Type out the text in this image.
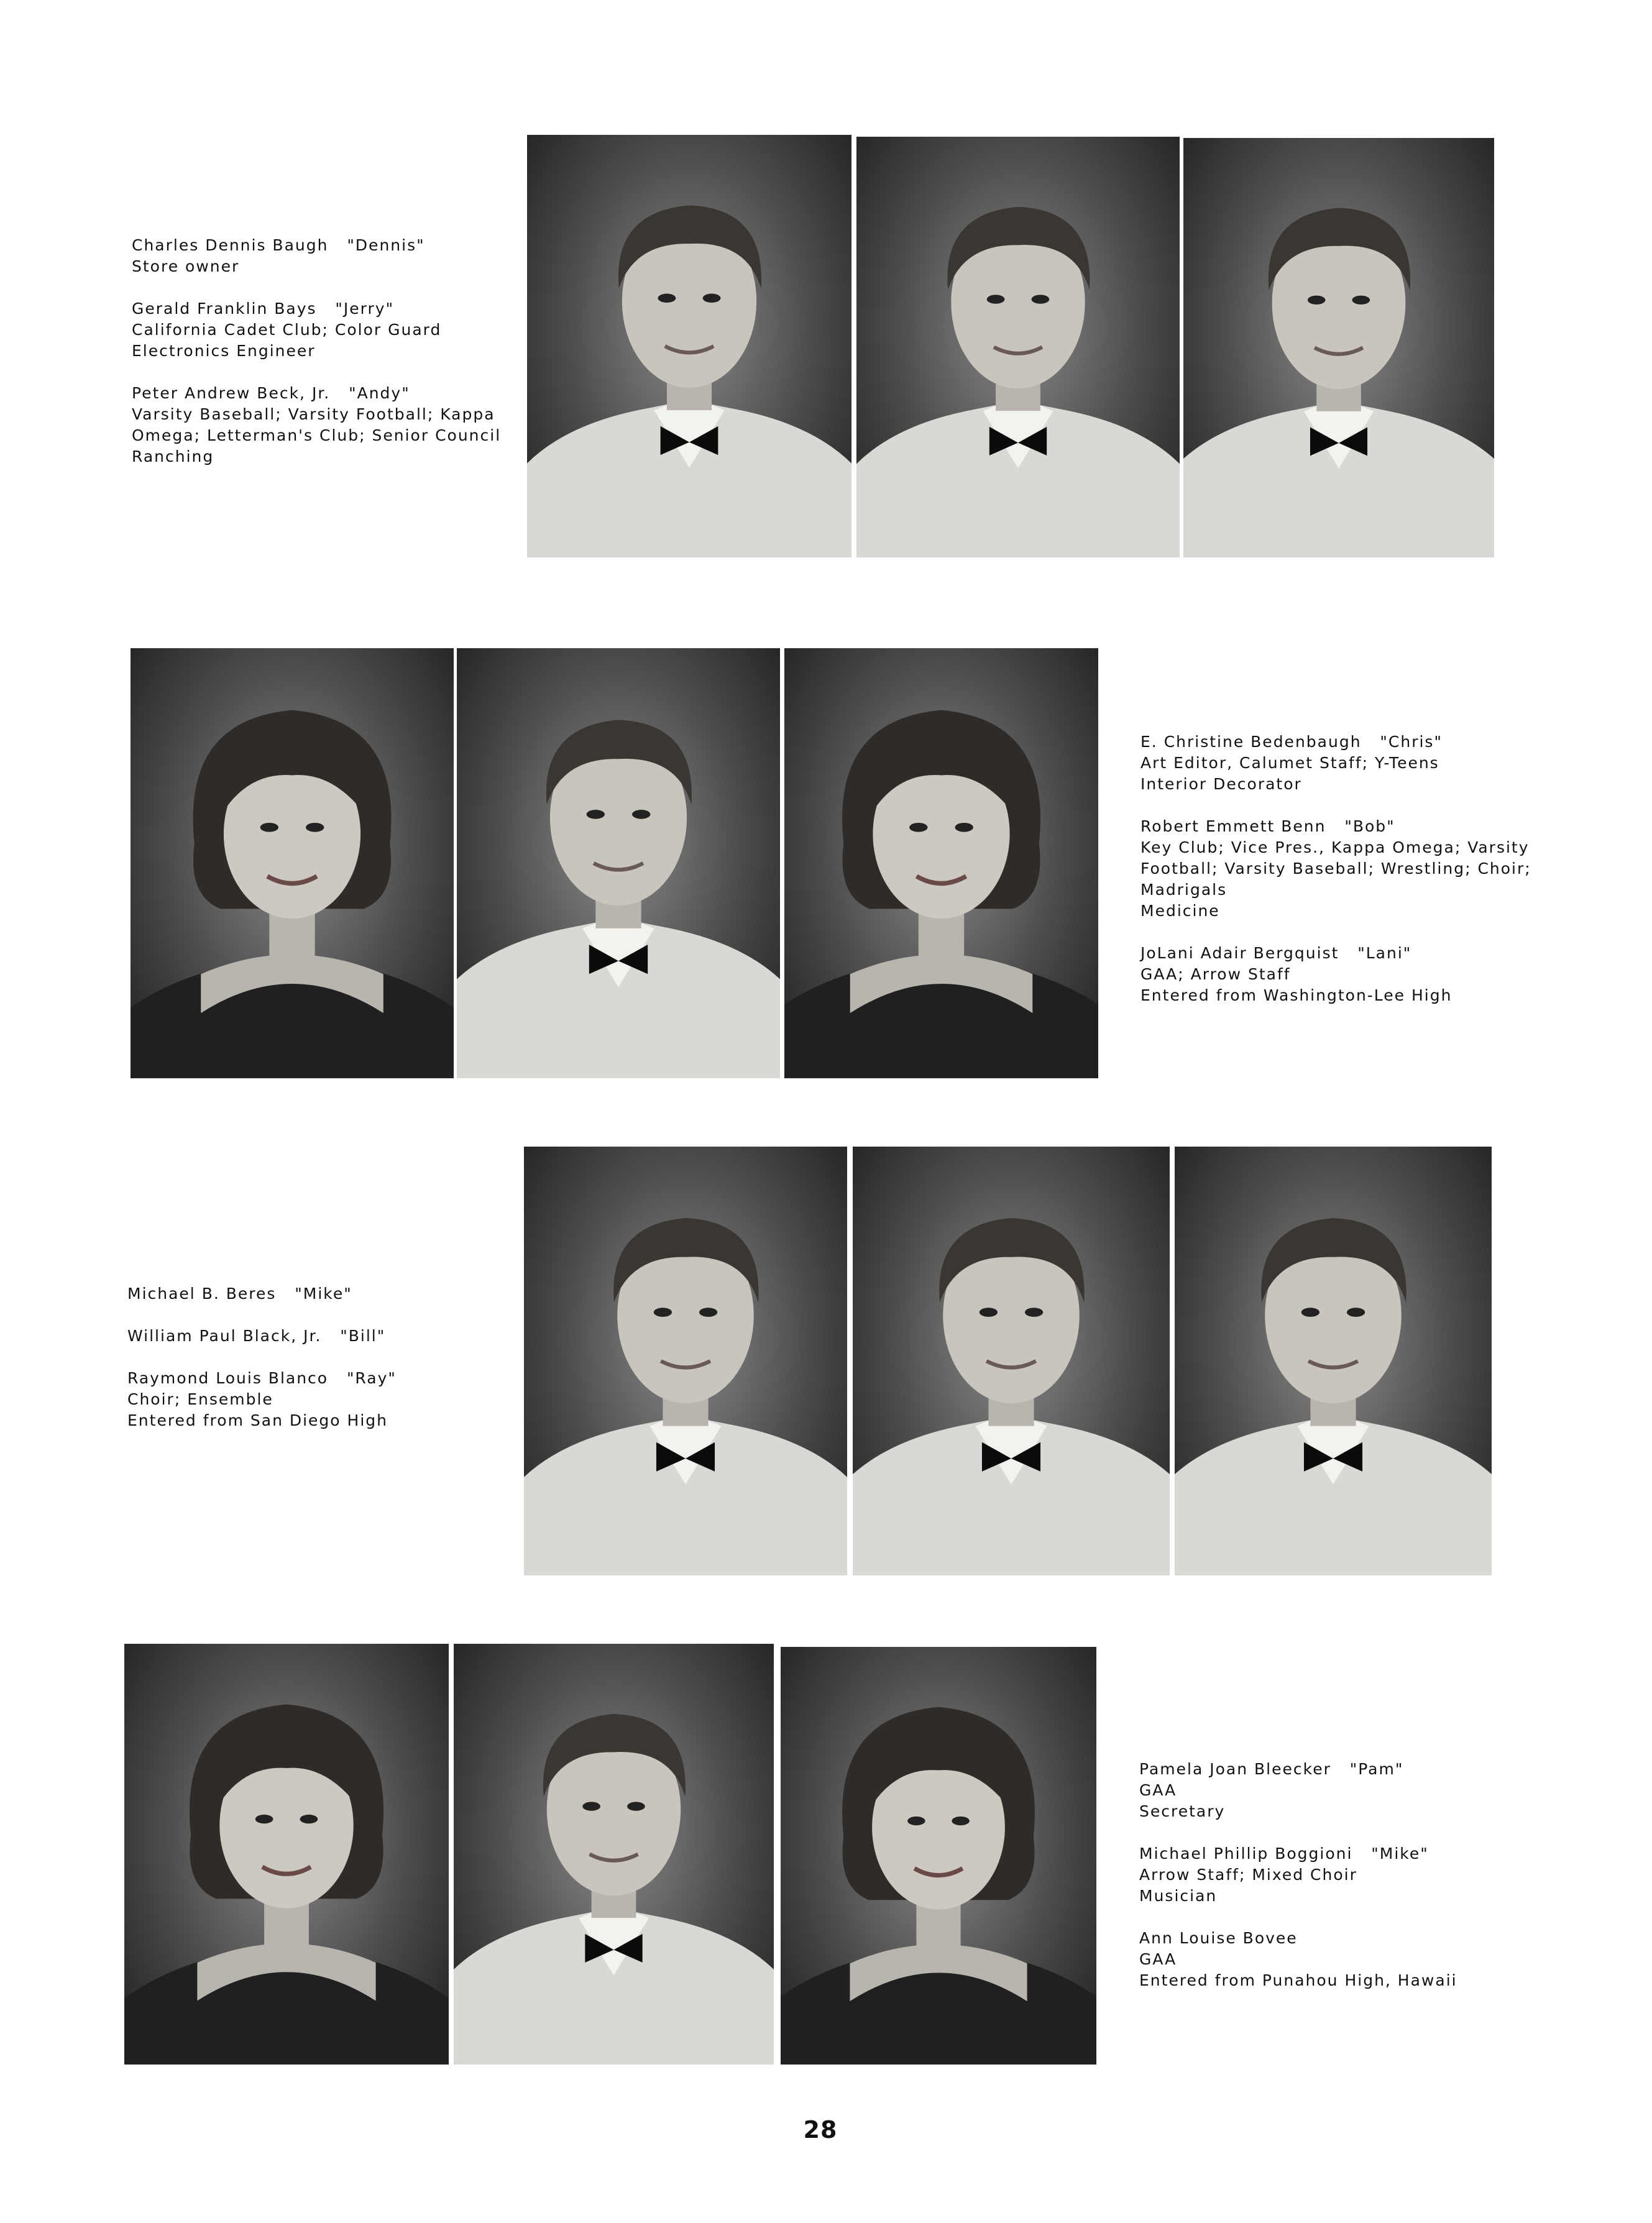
Charles Dennis Baugh "Dennis"
Store owner
Gerald Franklin Bays "Jerry"
California Cadet Club; Color Guard
Electronics Engineer
Peter Andrew Beck, Jr. "Andy"
Varsity Baseball; Varsity Football; Kappa
Omega; Letterman's Club; Senior Council
Ranching
E. Christine Bedenbaugh "Chris"
Art Editor, Calumet Staff; Y-Teens
Interior Decorator
Robert Emmett Benn "Bob"
Key Club; Vice Pres., Kappa Omega; Varsity
Football; Varsity Baseball; Wrestling; Choir;
Madrigals
Medicine
JoLani Adair Bergquist "Lani"
GAA; Arrow Staff
Entered from Washington-Lee High
Michael B. Beres "Mike"
William Paul Black, Jr. "Bill"
Raymond Louis Blanco "Ray"
Choir; Ensemble
Entered from San Diego High
Pamela Joan Bleecker "Pam"
GAA
Secretary
Michael Phillip Boggioni "Mike"
Arrow Staff; Mixed Choir
Musician
Ann Louise Bovee
GAA
Entered from Punahou High, Hawaii
28
